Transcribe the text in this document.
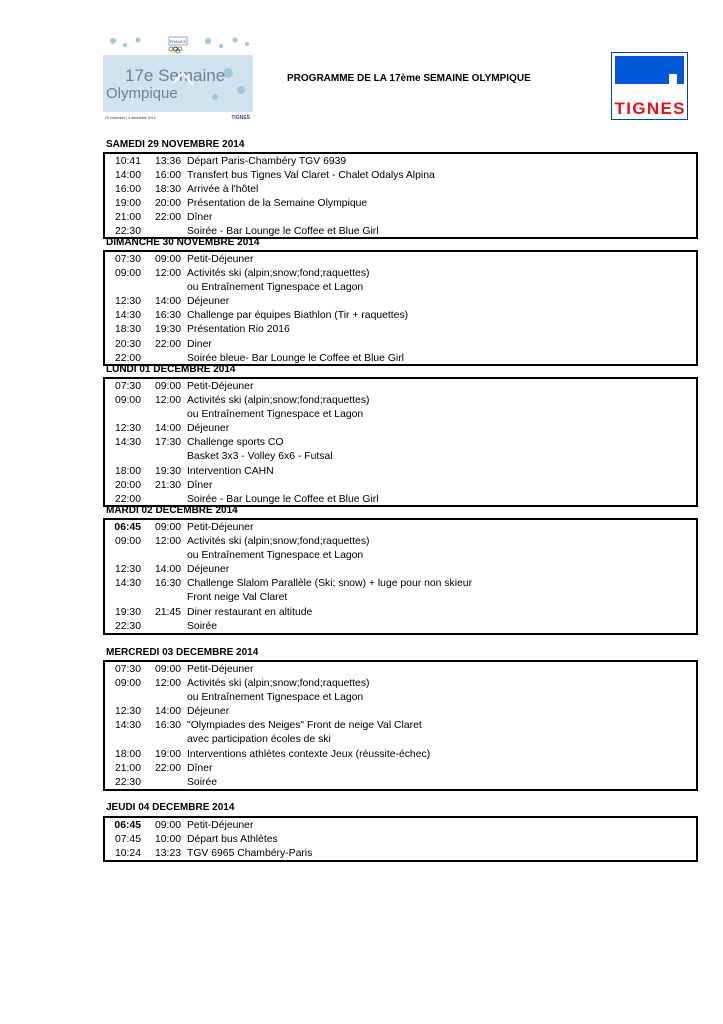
FRANCE
17e Semaine
Olympique
29 novembre | 4 décembre 2014	TIGNES
PROGRAMME DE LA 17ème SEMAINE OLYMPIQUE
TIGNES
SAMEDI 29 NOVEMBRE 2014
10:41 13:36 Départ Paris-Chambéry TGV 6939
14:00 16:00 Transfert bus Tignes Val Claret - Chalet Odalys Alpina
16:00 18:30 Arrivée à l'hôtel
19:00 20:00 Présentation de la Semaine Olympique
21:00 22:00 Dîner
22:30	Soirée - Bar Lounge le Coffee et Blue Girl
DIMANCHE 30 NOVEMBRE 2014
07:30 09:00 Petit-Déjeuner
09:00 12:00 Activités ski (alpin;snow;fond;raquettes)
ou Entraînement Tignespace et Lagon
12:30 14:00 Déjeuner
14:30 16:30 Challenge par équipes Biathlon (Tir + raquettes)
18:30 19:30 Présentation Rio 2016
20:30 22:00 Diner
22:00	Soirée bleue- Bar Lounge le Coffee et Blue Girl
LUNDI 01 DECEMBRE 2014
07:30 09:00 Petit-Déjeuner
09:00 12:00 Activités ski (alpin;snow;fond;raquettes)
ou Entraînement Tignespace et Lagon
12:30 14:00 Déjeuner
14:30 17:30 Challenge sports CO
Basket 3x3 - Volley 6x6 - Futsal
18:00 19:30 Intervention CAHN
20:00 21:30 Dîner
22:00	Soirée - Bar Lounge le Coffee et Blue Girl
MARDI 02 DECEMBRE 2014
06:45 09:00 Petit-Déjeuner
09:00 12:00 Activités ski (alpin;snow;fond;raquettes)
ou Entraînement Tignespace et Lagon
12:30 14:00 Déjeuner
14:30 16:30 Challenge Slalom Parallèle (Ski; snow) + luge pour non skieur
Front neige Val Claret
19:30 21:45 Diner restaurant en altitude
22:30	Soirée
MERCREDI 03 DECEMBRE 2014
07:30 09:00 Petit-Déjeuner
09:00 12:00 Activités ski (alpin;snow;fond;raquettes)
ou Entraînement Tignespace et Lagon
12:30 14:00 Déjeuner
14:30 16:30 "Olympiades des Neiges" Front de neige Val Claret
avec participation écoles de ski
18:00 19:00 Interventions athlètes contexte Jeux (réussite-échec)
21:00 22:00 Dîner
22:30	Soirée
JEUDI 04 DECEMBRE 2014
06:45 09:00 Petit-Déjeuner
07:45 10:00 Départ bus Athlètes
10:24 13:23 TGV 6965 Chambéry-Paris
